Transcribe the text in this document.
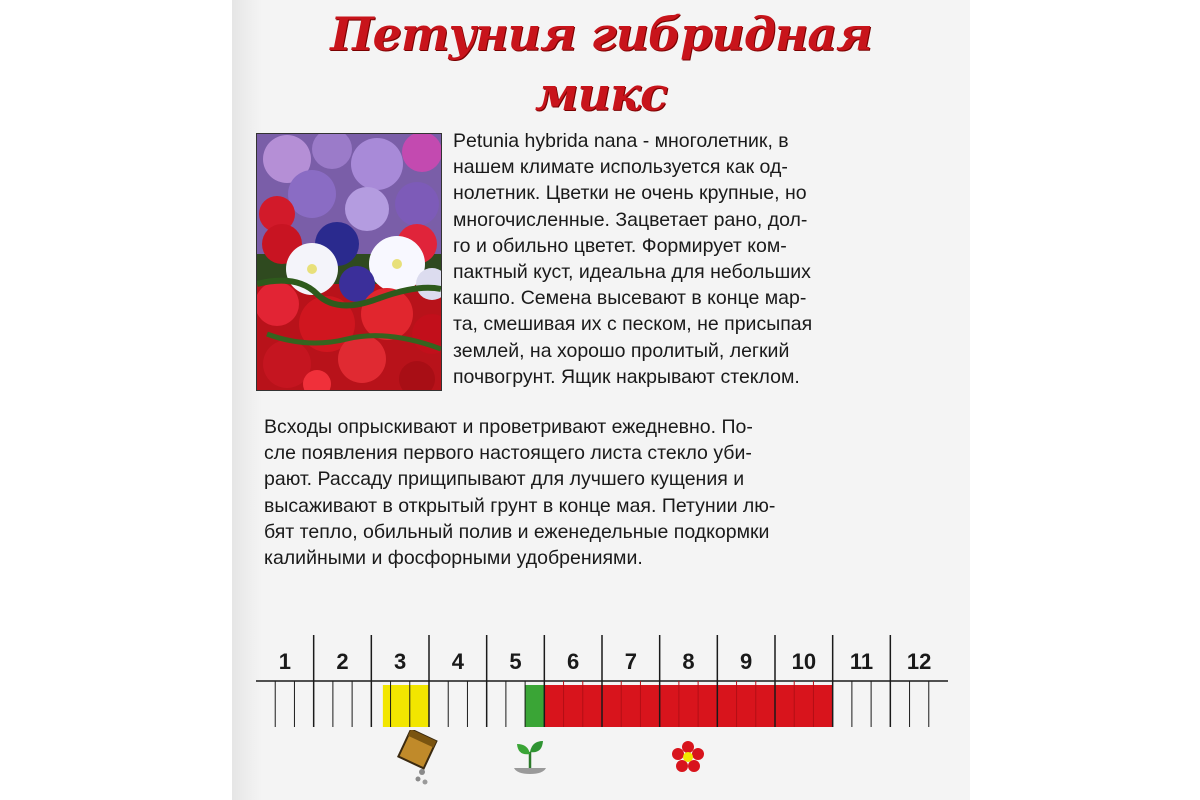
Петуния гибридная
микс
Petunia hybrida nana - многолетник, в
нашем климате используется как од-
нолетник. Цветки не очень крупные, но
многочисленные. Зацветает рано, дол-
го и обильно цветет. Формирует ком-
пактный куст, идеальна для небольших
кашпо. Семена высевают в конце мар-
та, смешивая их с песком, не присыпая
землей, на хорошо пролитый, легкий
почвогрунт. Ящик накрывают стеклом.
Всходы опрыскивают и проветривают ежедневно. По-
сле появления первого настоящего листа стекло уби-
рают. Рассаду прищипывают для лучшего кущения и
высаживают в открытый грунт в конце мая. Петунии лю-
бят тепло, обильный полив и еженедельные подкормки
калийными и фосфорными удобрениями.
1 2 3 4 5 6 7 8 9 10 11 12
